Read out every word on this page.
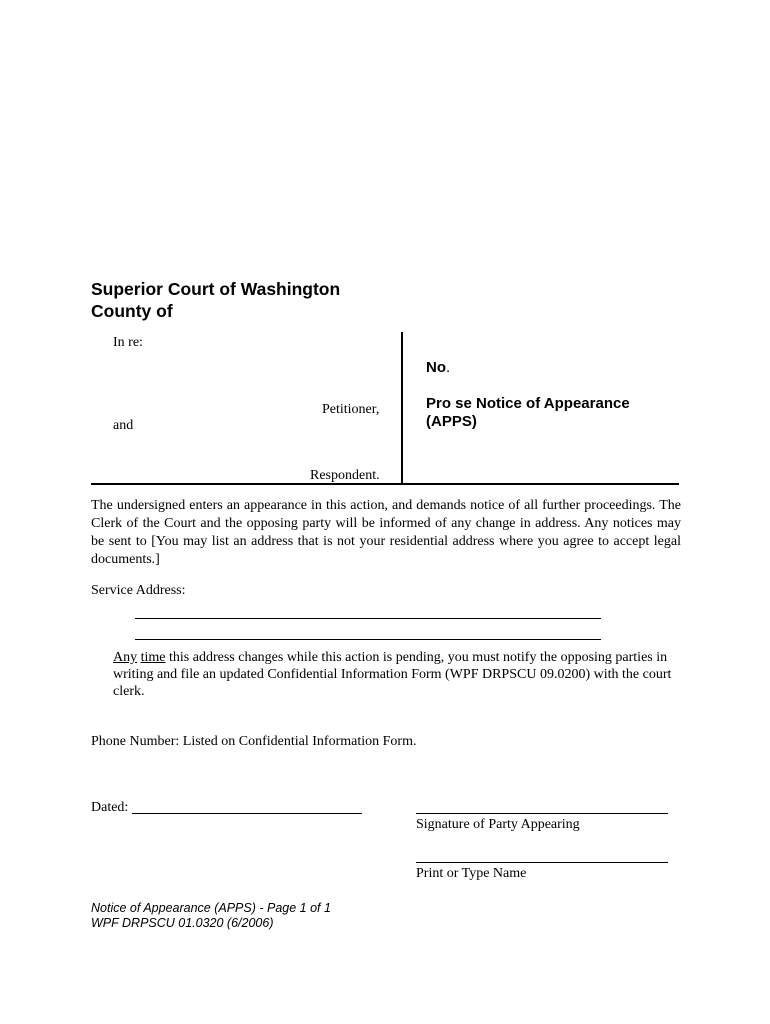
Superior Court of Washington
County of
In re:
Petitioner,
and
Respondent.
No.
Pro se Notice of Appearance
(APPS)
The undersigned enters an appearance in this action, and demands notice of all further proceedings. The Clerk of the Court and the opposing party will be informed of any change in address. Any notices may be sent to [You may list an address that is not your residential address where you agree to accept legal documents.]
Service Address:
Any time this address changes while this action is pending, you must notify the opposing parties in writing and file an updated Confidential Information Form (WPF DRPSCU 09.0200) with the court clerk.
Phone Number: Listed on Confidential Information Form.
Dated:
Signature of Party Appearing
Print or Type Name
Notice of Appearance (APPS) - Page 1 of 1
WPF DRPSCU 01.0320 (6/2006)
